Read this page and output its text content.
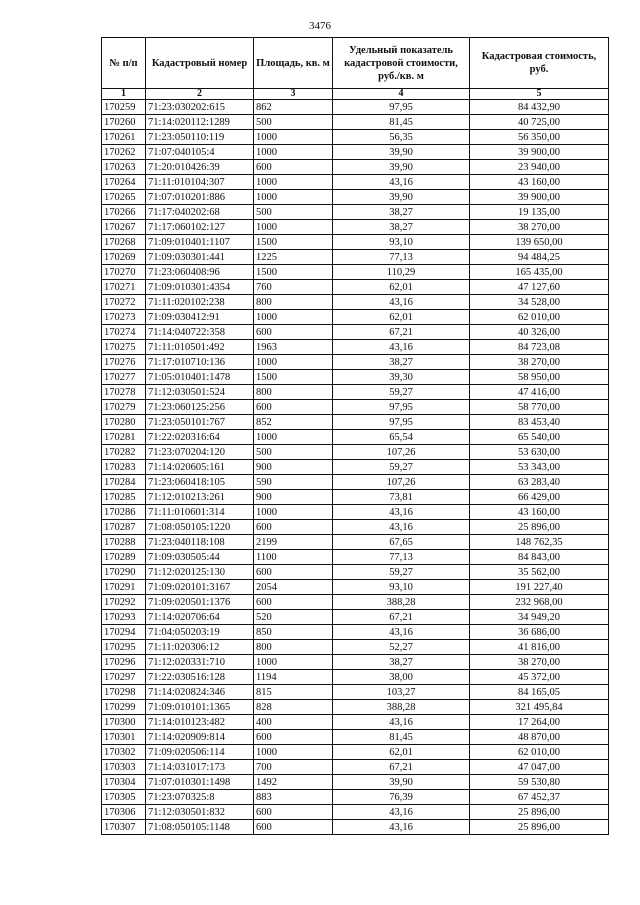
3476
№ п/п	Кадастровый номер	Площадь, кв. м	Удельный показатель кадастровой стоимости, руб./кв. м	Кадастровая стоимость, руб.
1	2	3	4	5
170259	71:23:030202:615	862	97,95	84 432,90
170260	71:14:020112:1289	500	81,45	40 725,00
170261	71:23:050110:119	1000	56,35	56 350,00
170262	71:07:040105:4	1000	39,90	39 900,00
170263	71:20:010426:39	600	39,90	23 940,00
170264	71:11:010104:307	1000	43,16	43 160,00
170265	71:07:010201:886	1000	39,90	39 900,00
170266	71:17:040202:68	500	38,27	19 135,00
170267	71:17:060102:127	1000	38,27	38 270,00
170268	71:09:010401:1107	1500	93,10	139 650,00
170269	71:09:030301:441	1225	77,13	94 484,25
170270	71:23:060408:96	1500	110,29	165 435,00
170271	71:09:010301:4354	760	62,01	47 127,60
170272	71:11:020102:238	800	43,16	34 528,00
170273	71:09:030412:91	1000	62,01	62 010,00
170274	71:14:040722:358	600	67,21	40 326,00
170275	71:11:010501:492	1963	43,16	84 723,08
170276	71:17:010710:136	1000	38,27	38 270,00
170277	71:05:010401:1478	1500	39,30	58 950,00
170278	71:12:030501:524	800	59,27	47 416,00
170279	71:23:060125:256	600	97,95	58 770,00
170280	71:23:050101:767	852	97,95	83 453,40
170281	71:22:020316:64	1000	65,54	65 540,00
170282	71:23:070204:120	500	107,26	53 630,00
170283	71:14:020605:161	900	59,27	53 343,00
170284	71:23:060418:105	590	107,26	63 283,40
170285	71:12:010213:261	900	73,81	66 429,00
170286	71:11:010601:314	1000	43,16	43 160,00
170287	71:08:050105:1220	600	43,16	25 896,00
170288	71:23:040118:108	2199	67,65	148 762,35
170289	71:09:030505:44	1100	77,13	84 843,00
170290	71:12:020125:130	600	59,27	35 562,00
170291	71:09:020101:3167	2054	93,10	191 227,40
170292	71:09:020501:1376	600	388,28	232 968,00
170293	71:14:020706:64	520	67,21	34 949,20
170294	71:04:050203:19	850	43,16	36 686,00
170295	71:11:020306:12	800	52,27	41 816,00
170296	71:12:020331:710	1000	38,27	38 270,00
170297	71:22:030516:128	1194	38,00	45 372,00
170298	71:14:020824:346	815	103,27	84 165,05
170299	71:09:010101:1365	828	388,28	321 495,84
170300	71:14:010123:482	400	43,16	17 264,00
170301	71:14:020909:814	600	81,45	48 870,00
170302	71:09:020506:114	1000	62,01	62 010,00
170303	71:14:031017:173	700	67,21	47 047,00
170304	71:07:010301:1498	1492	39,90	59 530,80
170305	71:23:070325:8	883	76,39	67 452,37
170306	71:12:030501:832	600	43,16	25 896,00
170307	71:08:050105:1148	600	43,16	25 896,00
